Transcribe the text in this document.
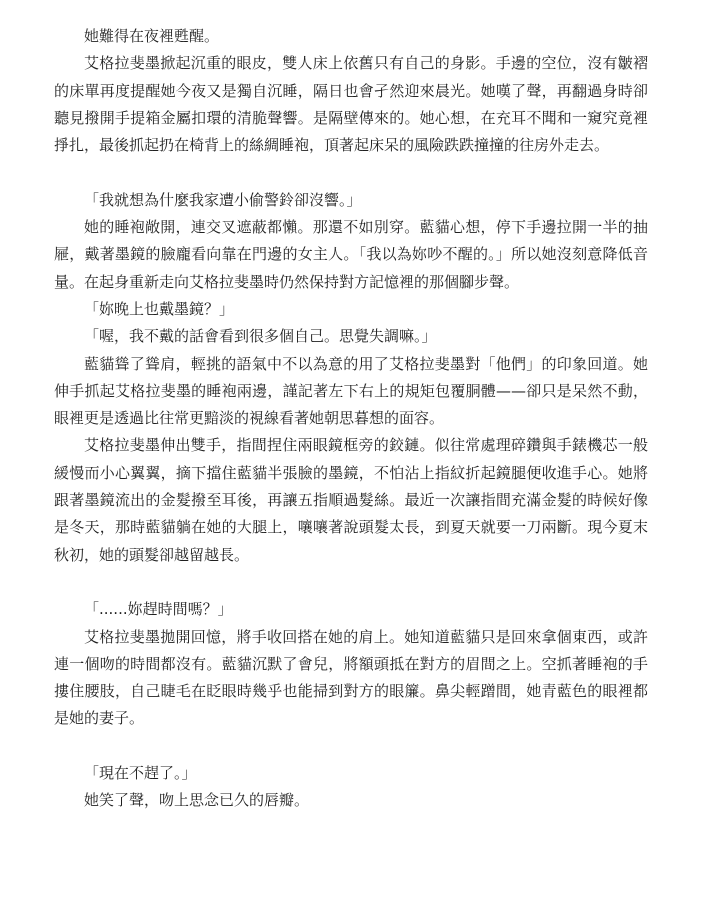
她難得在夜裡甦醒。

艾格拉斐墨掀起沉重的眼皮，雙人床上依舊只有自己的身影。手邊的空位，沒有皺褶的床單再度提醒她今夜又是獨自沉睡，隔日也會孑然迎來晨光。她嘆了聲，再翻過身時卻聽見撥開手提箱金屬扣環的清脆聲響。是隔壁傳來的。她心想，在充耳不聞和一窺究竟裡掙扎，最後抓起扔在椅背上的絲綢睡袍，頂著起床呆的風險跌跌撞撞的往房外走去。

「我就想為什麼我家遭小偷警鈴卻沒響。」

她的睡袍敞開，連交叉遮蔽都懶。那還不如別穿。藍貓心想，停下手邊拉開一半的抽屜，戴著墨鏡的臉龐看向靠在門邊的女主人。「我以為妳吵不醒的。」所以她沒刻意降低音量。在起身重新走向艾格拉斐墨時仍然保持對方記憶裡的那個腳步聲。

「妳晚上也戴墨鏡？」

「喔，我不戴的話會看到很多個自己。思覺失調嘛。」

藍貓聳了聳肩，輕挑的語氣中不以為意的用了艾格拉斐墨對「他們」的印象回道。她伸手抓起艾格拉斐墨的睡袍兩邊，謹記著左下右上的規矩包覆胴體——卻只是呆然不動，眼裡更是透過比往常更黯淡的視線看著她朝思暮想的面容。

艾格拉斐墨伸出雙手，指間捏住兩眼鏡框旁的鉸鏈。似往常處理碎鑽與手錶機芯一般緩慢而小心翼翼，摘下擋住藍貓半張臉的墨鏡，不怕沾上指紋折起鏡腿便收進手心。她將跟著墨鏡流出的金髮撥至耳後，再讓五指順過髮絲。最近一次讓指間充滿金髮的時候好像是冬天，那時藍貓躺在她的大腿上，嚷嚷著說頭髮太長，到夏天就要一刀兩斷。現今夏末秋初，她的頭髮卻越留越長。

「......妳趕時間嗎？」

艾格拉斐墨拋開回憶，將手收回搭在她的肩上。她知道藍貓只是回來拿個東西，或許連一個吻的時間都沒有。藍貓沉默了會兒，將額頭抵在對方的眉間之上。空抓著睡袍的手摟住腰肢，自己睫毛在眨眼時幾乎也能掃到對方的眼簾。鼻尖輕蹭間，她青藍色的眼裡都是她的妻子。

「現在不趕了。」

她笑了聲，吻上思念已久的唇瓣。
